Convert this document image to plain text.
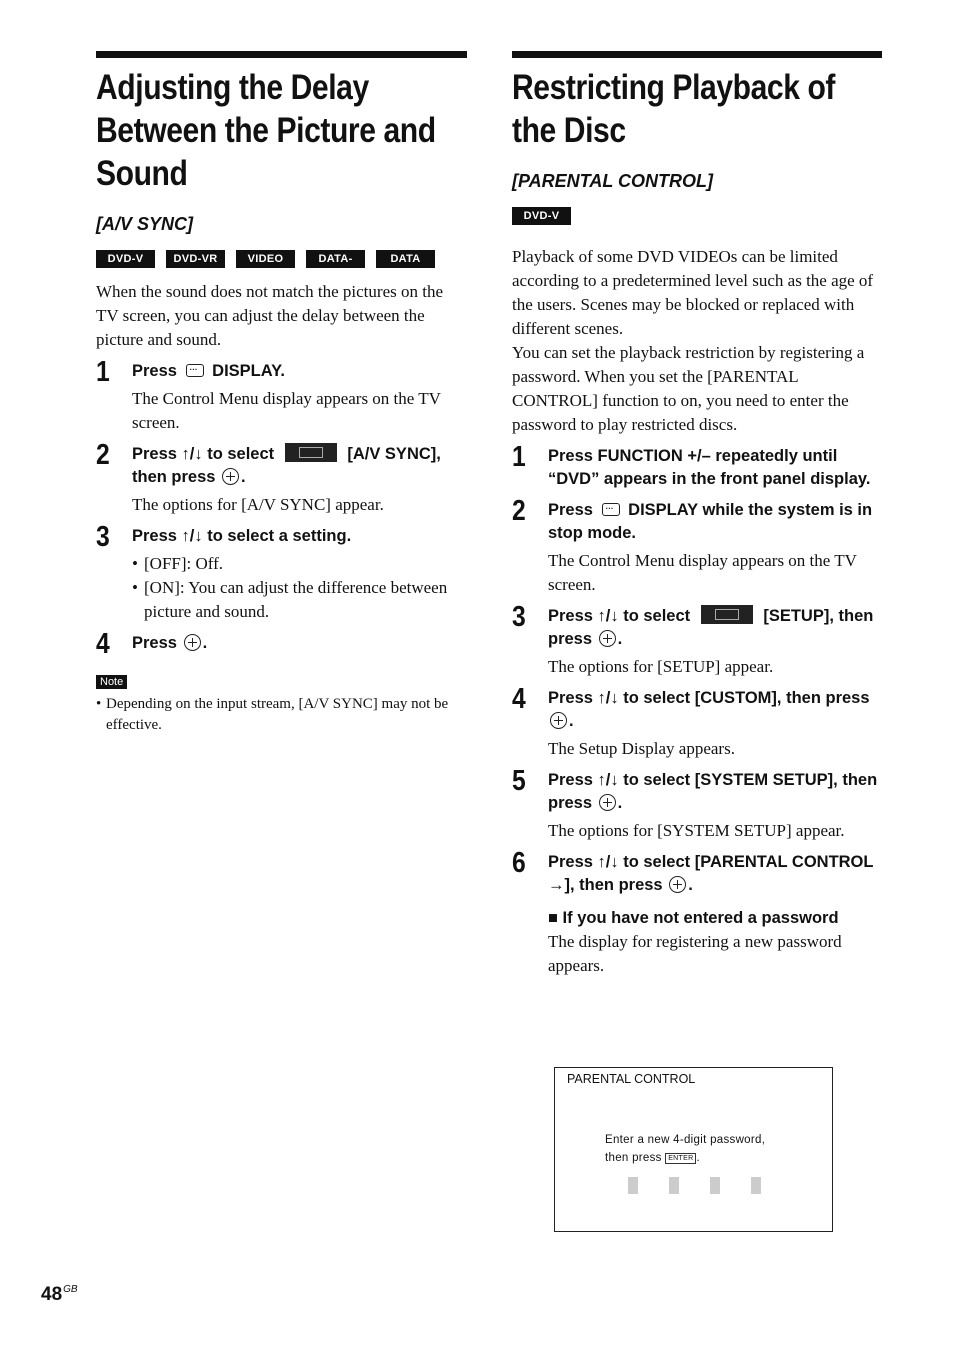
Adjusting the Delay Between the Picture and Sound
[A/V SYNC]
DVD-V	DVD-VR	VIDEO CD
DATA-CD
DATA DVD

When the sound does not match the pictures on the TV screen, you can adjust the delay between the picture and sound.

1 Press ··· DISPLAY.

The Control Menu display appears on the TV screen.

2 Press ↑/↓ to select	[A/V SYNC], then press .

The options for [A/V SYNC] appear.

3 Press ↑/↓ to select a setting.
• [OFF]: Off.
• [ON]: You can adjust the difference between picture and sound.
4 Press .
Note

• Depending on the input stream, [A/V SYNC] may not be effective.

Restricting Playback of the Disc
[PARENTAL CONTROL]
DVD-V

Playback of some DVD VIDEOs can be limited according to a predetermined level such as the age of the users. Scenes may be blocked or replaced with different scenes.

You can set the playback restriction by registering a password. When you set the [PARENTAL CONTROL] function to on, you need to enter the password to play restricted discs.

1 Press FUNCTION +/– repeatedly until “DVD” appears in the front panel display.
2 Press ··· DISPLAY while the system is in stop mode.

The Control Menu display appears on the TV screen.

3 Press ↑/↓ to select	[SETUP], then press .

The options for [SETUP] appear.

4 Press ↑/↓ to select [CUSTOM], then press .

The Setup Display appears.

5 Press ↑/↓ to select [SYSTEM SETUP], then press .

The options for [SYSTEM SETUP] appear.

6 Press ↑/↓ to select [PARENTAL CONTROL →], then press .
■ If you have not entered a password

The display for registering a new password appears.

PARENTAL CONTROL
Enter a new 4-digit password,
then press ENTER .
$48^{GB}$
